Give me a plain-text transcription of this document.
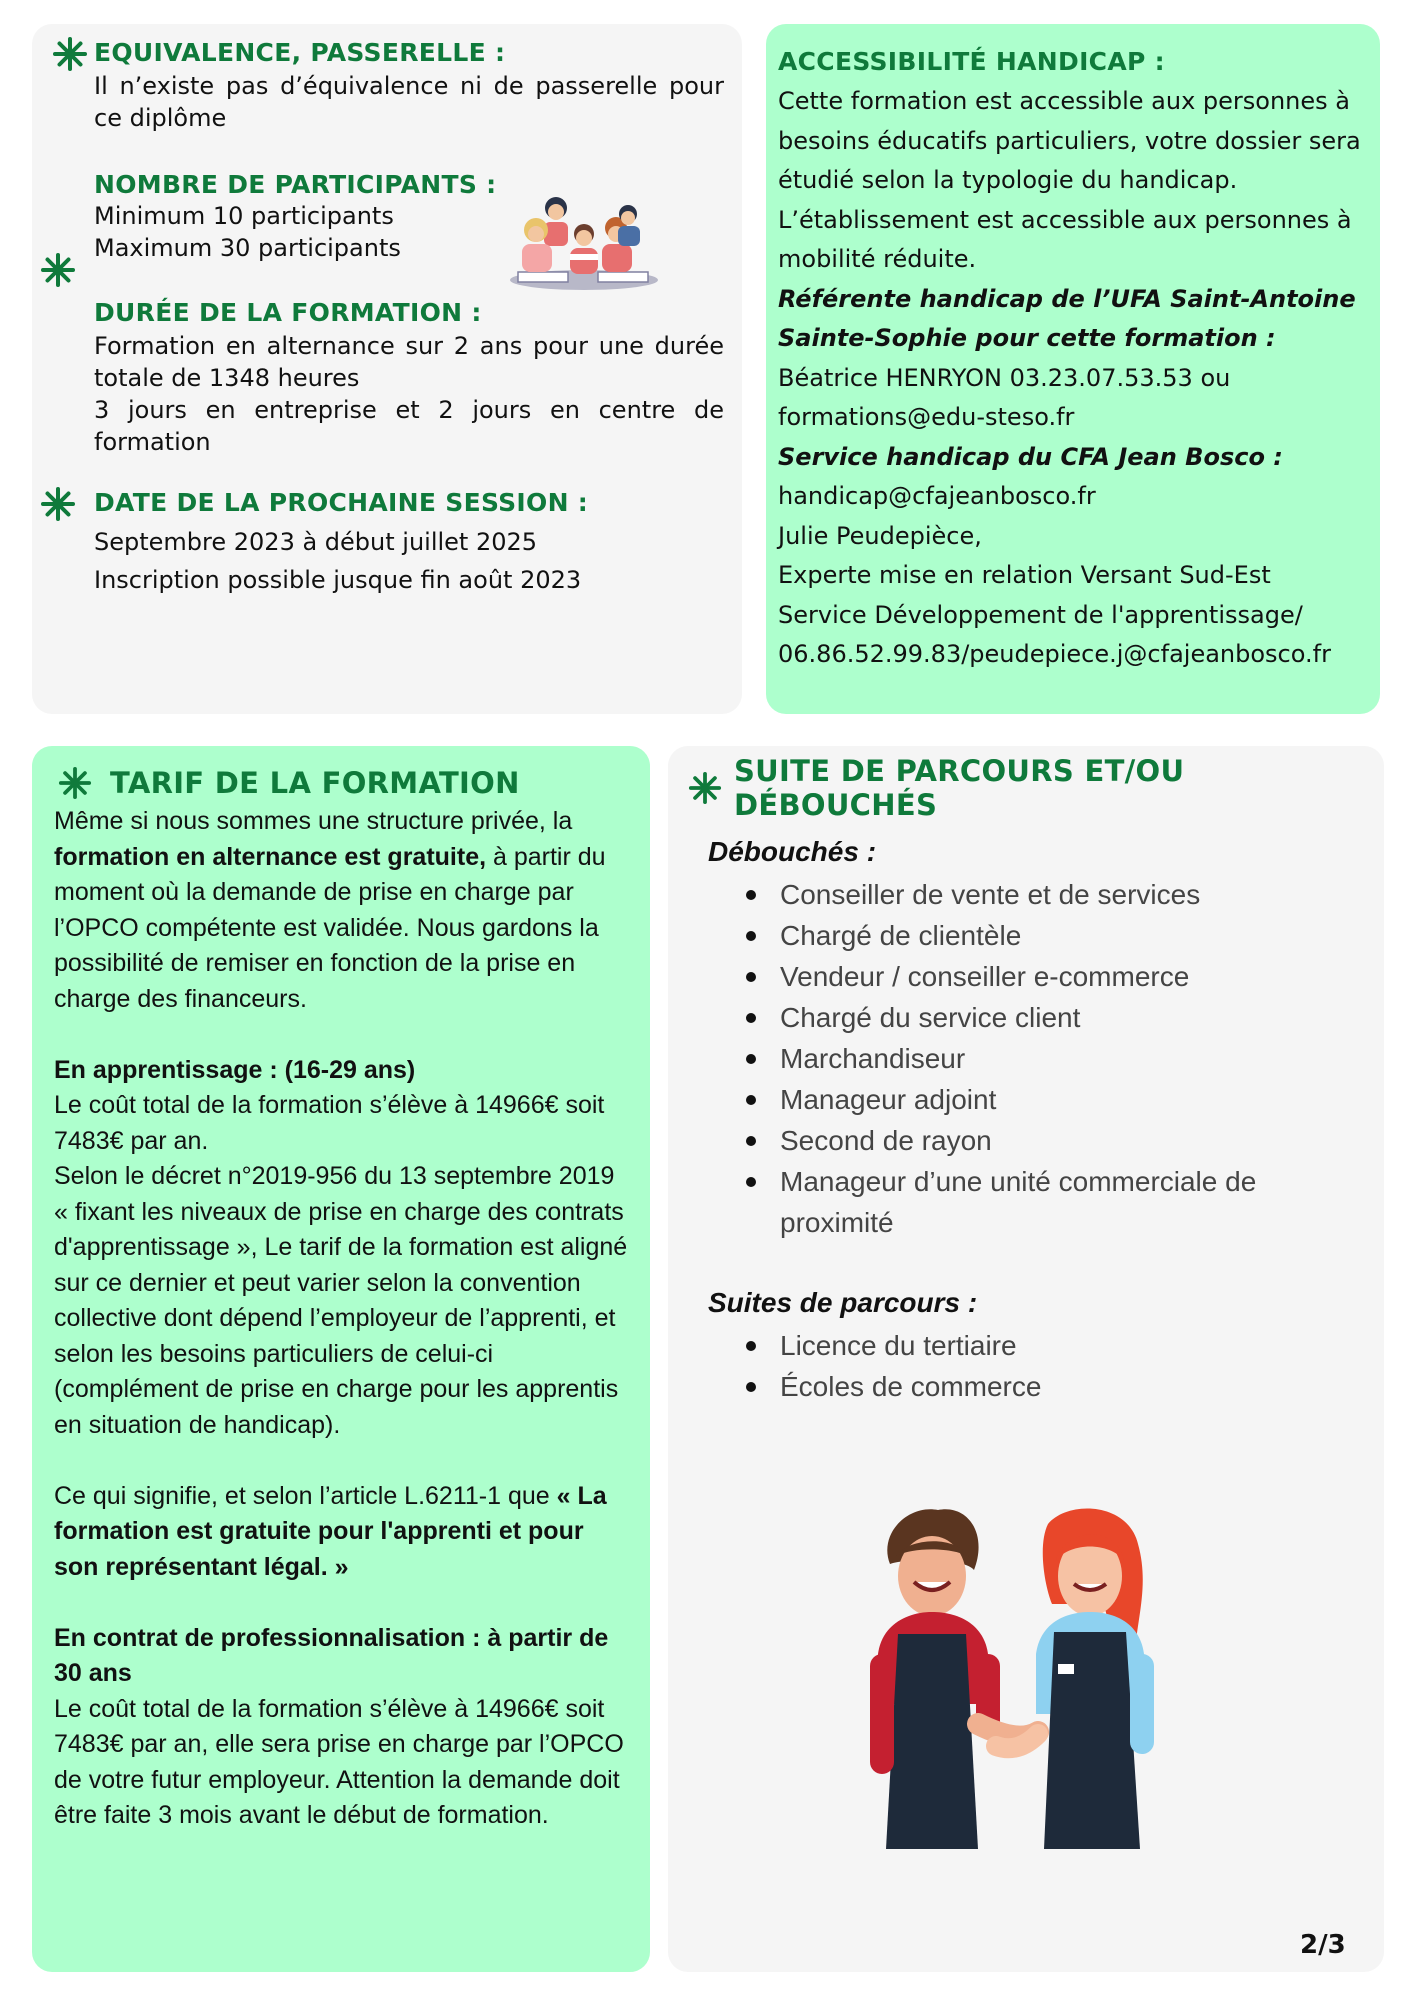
EQUIVALENCE, PASSERELLE :
Il n’existe pas d’équivalence ni de passerelle pour ce diplôme
NOMBRE DE PARTICIPANTS :
Minimum 10 participants
Maximum 30 participants
DURÉE DE LA FORMATION :
Formation en alternance sur 2 ans pour une durée totale de 1348 heures
3 jours en entreprise et 2 jours en centre de formation
DATE DE LA PROCHAINE SESSION :
Septembre 2023 à début juillet 2025
Inscription possible jusque fin août 2023
ACCESSIBILITÉ HANDICAP :

Cette formation est accessible aux personnes à besoins éducatifs particuliers, votre dossier sera étudié selon la typologie du handicap.

L’établissement est accessible aux personnes à mobilité réduite.

Référente handicap de l’UFA Saint-Antoine Sainte-Sophie pour cette formation :

Béatrice HENRYON 03.23.07.53.53 ou

formations@edu-steso.fr

Service handicap du CFA Jean Bosco :

handicap@cfajeanbosco.fr

Julie Peudepièce,

Experte mise en relation Versant Sud-Est

Service Développement de l'apprentissage/

06.86.52.99.83/peudepiece.j@cfajeanbosco.fr

TARIF DE LA FORMATION

Même si nous sommes une structure privée, la formation en alternance est gratuite, à partir du moment où la demande de prise en charge par l’OPCO compétente est validée. Nous gardons la possibilité de remiser en fonction de la prise en charge des financeurs.

En apprentissage : (16-29 ans)

Le coût total de la formation s’élève à 14966€ soit 7483€ par an.

Selon le décret n°2019-956 du 13 septembre 2019 « fixant les niveaux de prise en charge des contrats d'apprentissage », Le tarif de la formation est aligné sur ce dernier et peut varier selon la convention collective dont dépend l’employeur de l’apprenti, et selon les besoins particuliers de celui-ci (complément de prise en charge pour les apprentis en situation de handicap).

Ce qui signifie, et selon l’article L.6211-1 que « La formation est gratuite pour l'apprenti et pour son représentant légal. »

En contrat de professionnalisation : à partir de 30 ans

Le coût total de la formation s’élève à 14966€ soit 7483€ par an, elle sera prise en charge par l’OPCO de votre futur employeur. Attention la demande doit être faite 3 mois avant le début de formation.

SUITE DE PARCOURS ET/OU DÉBOUCHÉS
Débouchés :
Conseiller de vente et de services
Chargé de clientèle
Vendeur / conseiller e-commerce
Chargé du service client
Marchandiseur
Manageur adjoint
Second de rayon
Manageur d’une unité commerciale de proximité
Suites de parcours :
Licence du tertiaire
Écoles de commerce
2/3
